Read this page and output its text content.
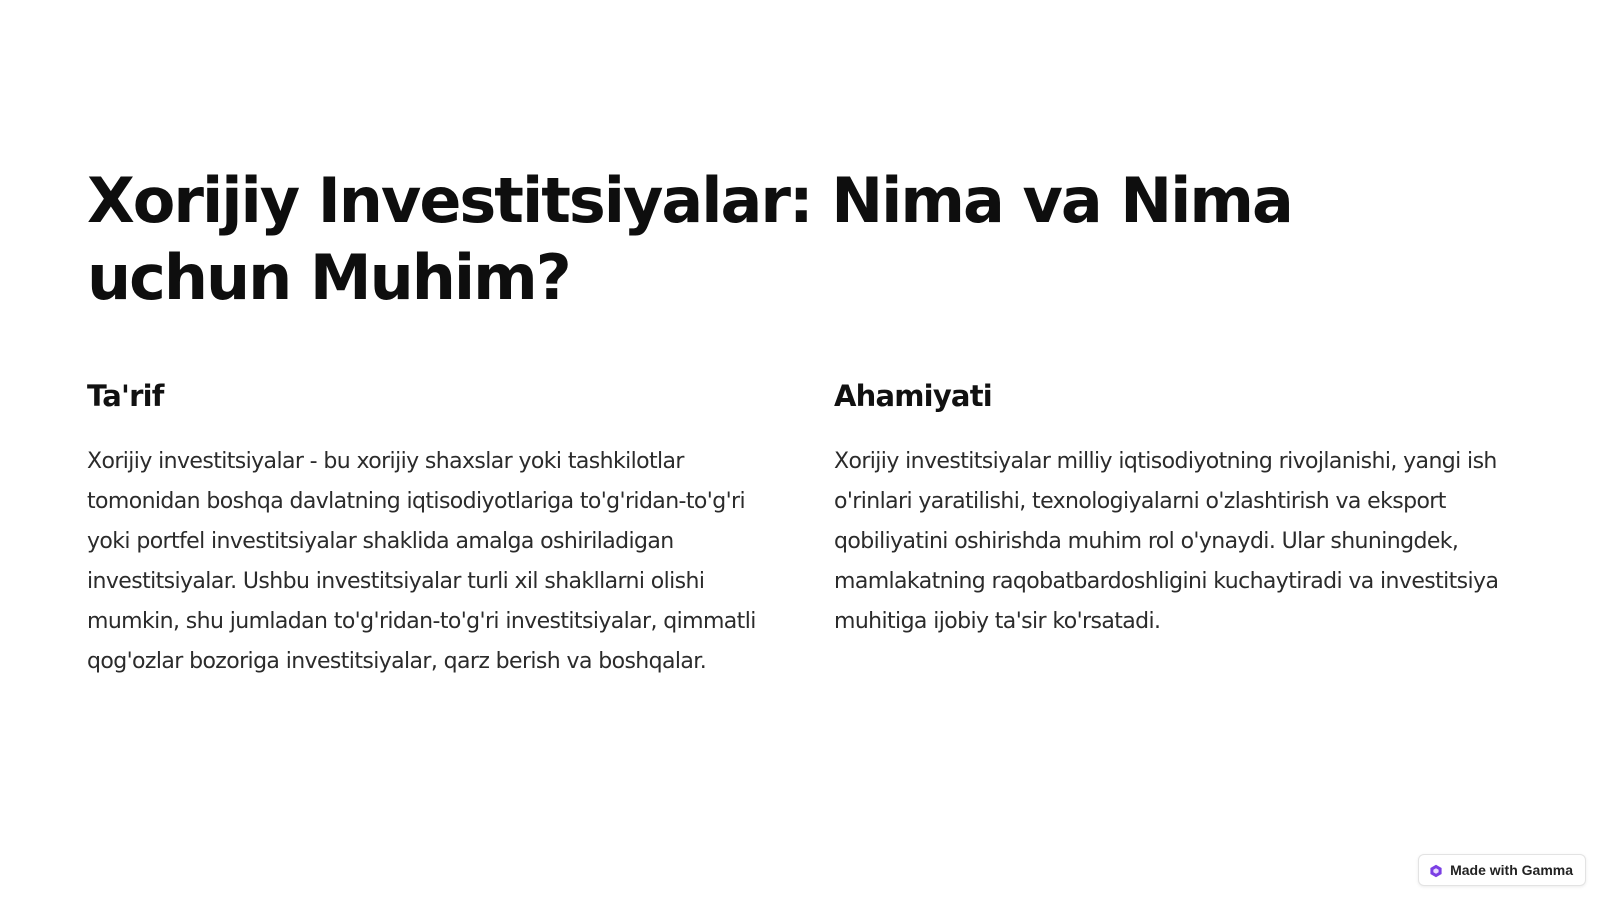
Xorijiy Investitsiyalar: Nima va Nima uchun Muhim?
Ta'rif

Xorijiy investitsiyalar - bu xorijiy shaxslar yoki tashkilotlar tomonidan boshqa davlatning iqtisodiyotlariga to'g'ridan-to'g'ri yoki portfel investitsiyalar shaklida amalga oshiriladigan investitsiyalar. Ushbu investitsiyalar turli xil shakllarni olishi mumkin, shu jumladan to'g'ridan-to'g'ri investitsiyalar, qimmatli qog'ozlar bozoriga investitsiyalar, qarz berish va boshqalar.

Ahamiyati

Xorijiy investitsiyalar milliy iqtisodiyotning rivojlanishi, yangi ish o'rinlari yaratilishi, texnologiyalarni o'zlashtirish va eksport qobiliyatini oshirishda muhim rol o'ynaydi. Ular shuningdek, mamlakatning raqobatbardoshligini kuchaytiradi va investitsiya muhitiga ijobiy ta'sir ko'rsatadi.

Made with Gamma
